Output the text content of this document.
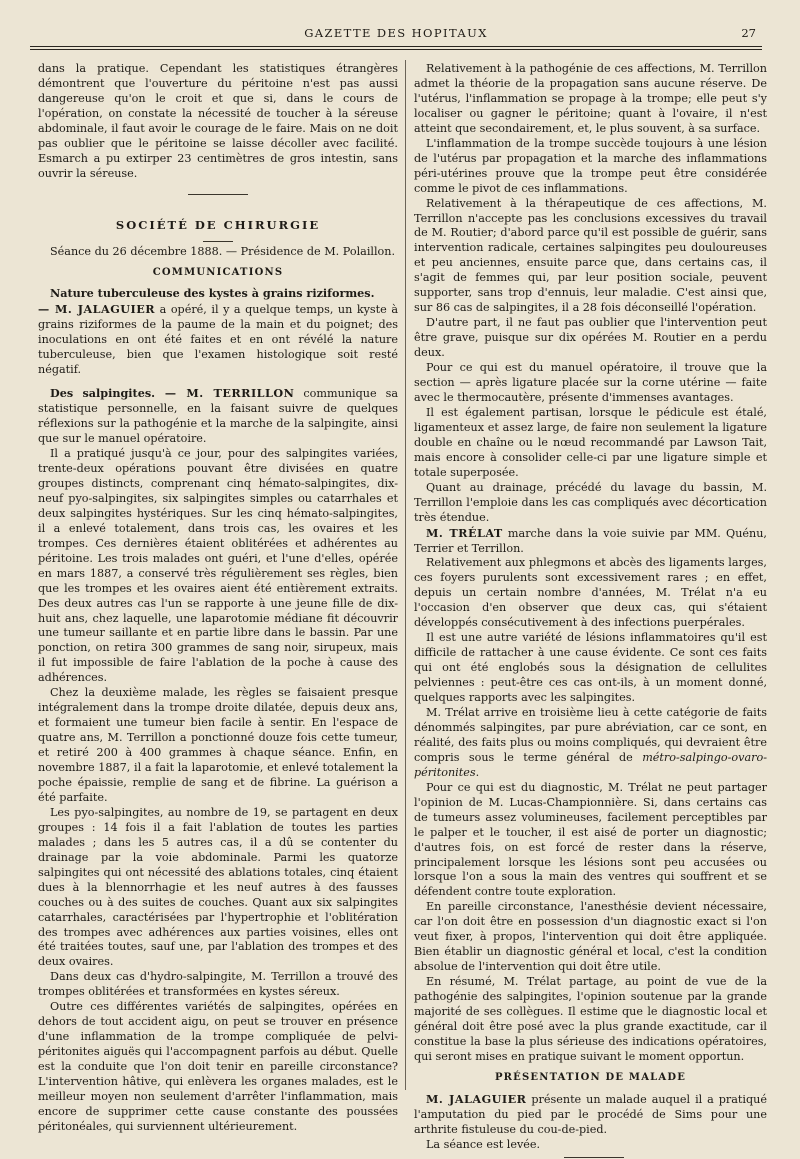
GAZETTE DES HOPITAUX	27

dans la pratique. Cependant les statistiques étrangères démontrent que l'ouverture du péritoine n'est pas aussi dangereuse qu'on le croit et que si, dans le cours de l'opération, on constate la nécessité de toucher à la séreuse abdominale, il faut avoir le courage de le faire. Mais on ne doit pas oublier que le péritoine se laisse décoller avec facilité. Esmarch a pu extirper 23 centimètres de gros intestin, sans ouvrir la séreuse.

SOCIÉTÉ DE CHIRURGIE

Séance du 26 décembre 1888. — Présidence de M. Polaillon.

COMMUNICATIONS

Nature tuberculeuse des kystes à grains riziformes.
— M. JALAGUIER a opéré, il y a quelque temps, un kyste à grains riziformes de la paume de la main et du poignet; des inoculations en ont été faites et en ont révélé la nature tuberculeuse, bien que l'examen histologique soit resté négatif.

Des salpingites. — M. TERRILLON communique sa statistique personnelle, en la faisant suivre de quelques réflexions sur la pathogénie et la marche de la salpingite, ainsi que sur le manuel opératoire.

Il a pratiqué jusqu'à ce jour, pour des salpingites variées, trente-deux opérations pouvant être divisées en quatre groupes distincts, comprenant cinq hémato-salpingites, dix-neuf pyo-salpingites, six salpingites simples ou catarrhales et deux salpingites hystériques. Sur les cinq hémato-salpingites, il a enlevé totalement, dans trois cas, les ovaires et les trompes. Ces dernières étaient oblitérées et adhérentes au péritoine. Les trois malades ont guéri, et l'une d'elles, opérée en mars 1887, a conservé très régulièrement ses règles, bien que les trompes et les ovaires aient été entièrement extraits. Des deux autres cas l'un se rapporte à une jeune fille de dix-huit ans, chez laquelle, une laparotomie médiane fit découvrir une tumeur saillante et en partie libre dans le bassin. Par une ponction, on retira 300 grammes de sang noir, sirupeux, mais il fut impossible de faire l'ablation de la poche à cause des adhérences.

Chez la deuxième malade, les règles se faisaient presque intégralement dans la trompe droite dilatée, depuis deux ans, et formaient une tumeur bien facile à sentir. En l'espace de quatre ans, M. Terrillon a ponctionné douze fois cette tumeur, et retiré 200 à 400 grammes à chaque séance. Enfin, en novembre 1887, il a fait la laparotomie, et enlevé totalement la poche épaissie, remplie de sang et de fibrine. La guérison a été parfaite.

Les pyo-salpingites, au nombre de 19, se partagent en deux groupes : 14 fois il a fait l'ablation de toutes les parties malades ; dans les 5 autres cas, il a dû se contenter du drainage par la voie abdominale. Parmi les quatorze salpingites qui ont nécessité des ablations totales, cinq étaient dues à la blennorrhagie et les neuf autres à des fausses couches ou à des suites de couches. Quant aux six salpingites catarrhales, caractérisées par l'hypertrophie et l'oblitération des trompes avec adhérences aux parties voisines, elles ont été traitées toutes, sauf une, par l'ablation des trompes et des deux ovaires.

Dans deux cas d'hydro-salpingite, M. Terrillon a trouvé des trompes oblitérées et transformées en kystes séreux.

Outre ces différentes variétés de salpingites, opérées en dehors de tout accident aigu, on peut se trouver en présence d'une inflammation de la trompe compliquée de pelvi-péritonites aiguës qui l'accompagnent parfois au début. Quelle est la conduite que l'on doit tenir en pareille circonstance? L'intervention hâtive, qui enlèvera les organes malades, est le meilleur moyen non seulement d'arrêter l'inflammation, mais encore de supprimer cette cause constante des poussées péritonéales, qui surviennent ultérieurement.

Relativement à la pathogénie de ces affections, M. Terrillon admet la théorie de la propagation sans aucune réserve. De l'utérus, l'inflammation se propage à la trompe; elle peut s'y localiser ou gagner le péritoine; quant à l'ovaire, il n'est atteint que secondairement, et, le plus souvent, à sa surface.

L'inflammation de la trompe succède toujours à une lésion de l'utérus par propagation et la marche des inflammations péri-utérines prouve que la trompe peut être considérée comme le pivot de ces inflammations.

Relativement à la thérapeutique de ces affections, M. Terrillon n'accepte pas les conclusions excessives du travail de M. Routier; d'abord parce qu'il est possible de guérir, sans intervention radicale, certaines salpingites peu douloureuses et peu anciennes, ensuite parce que, dans certains cas, il s'agit de femmes qui, par leur position sociale, peuvent supporter, sans trop d'ennuis, leur maladie. C'est ainsi que, sur 86 cas de salpingites, il a 28 fois déconseillé l'opération.

D'autre part, il ne faut pas oublier que l'intervention peut être grave, puisque sur dix opérées M. Routier en a perdu deux.

Pour ce qui est du manuel opératoire, il trouve que la section — après ligature placée sur la corne utérine — faite avec le thermocautère, présente d'immenses avantages.

Il est également partisan, lorsque le pédicule est étalé, ligamenteux et assez large, de faire non seulement la ligature double en chaîne ou le nœud recommandé par Lawson Tait, mais encore à consolider celle-ci par une ligature simple et totale superposée.

Quant au drainage, précédé du lavage du bassin, M. Terrillon l'emploie dans les cas compliqués avec décortication très étendue.

M. TRÉLAT marche dans la voie suivie par MM. Quénu, Terrier et Terrillon.

Relativement aux phlegmons et abcès des ligaments larges, ces foyers purulents sont excessivement rares ; en effet, depuis un certain nombre d'années, M. Trélat n'a eu l'occasion d'en observer que deux cas, qui s'étaient développés consécutivement à des infections puerpérales.

Il est une autre variété de lésions inflammatoires qu'il est difficile de rattacher à une cause évidente. Ce sont ces faits qui ont été englobés sous la désignation de cellulites pelviennes : peut-être ces cas ont-ils, à un moment donné, quelques rapports avec les salpingites.

M. Trélat arrive en troisième lieu à cette catégorie de faits dénommés salpingites, par pure abréviation, car ce sont, en réalité, des faits plus ou moins compliqués, qui devraient être compris sous le terme général de métro-salpingo-ovaro-péritonites.

Pour ce qui est du diagnostic, M. Trélat ne peut partager l'opinion de M. Lucas-Championnière. Si, dans certains cas de tumeurs assez volumineuses, facilement perceptibles par le palper et le toucher, il est aisé de porter un diagnostic; d'autres fois, on est forcé de rester dans la réserve, principalement lorsque les lésions sont peu accusées ou lorsque l'on a sous la main des ventres qui souffrent et se défendent contre toute exploration.

En pareille circonstance, l'anesthésie devient nécessaire, car l'on doit être en possession d'un diagnostic exact si l'on veut fixer, à propos, l'intervention qui doit être appliquée. Bien établir un diagnostic général et local, c'est la condition absolue de l'intervention qui doit être utile.

En résumé, M. Trélat partage, au point de vue de la pathogénie des salpingites, l'opinion soutenue par la grande majorité de ses collègues. Il estime que le diagnostic local et général doit être posé avec la plus grande exactitude, car il constitue la base la plus sérieuse des indications opératoires, qui seront mises en pratique suivant le moment opportun.

PRÉSENTATION DE MALADE

M. JALAGUIER présente un malade auquel il a pratiqué l'amputation du pied par le procédé de Sims pour une arthrite fistuleuse du cou-de-pied.

La séance est levée.
